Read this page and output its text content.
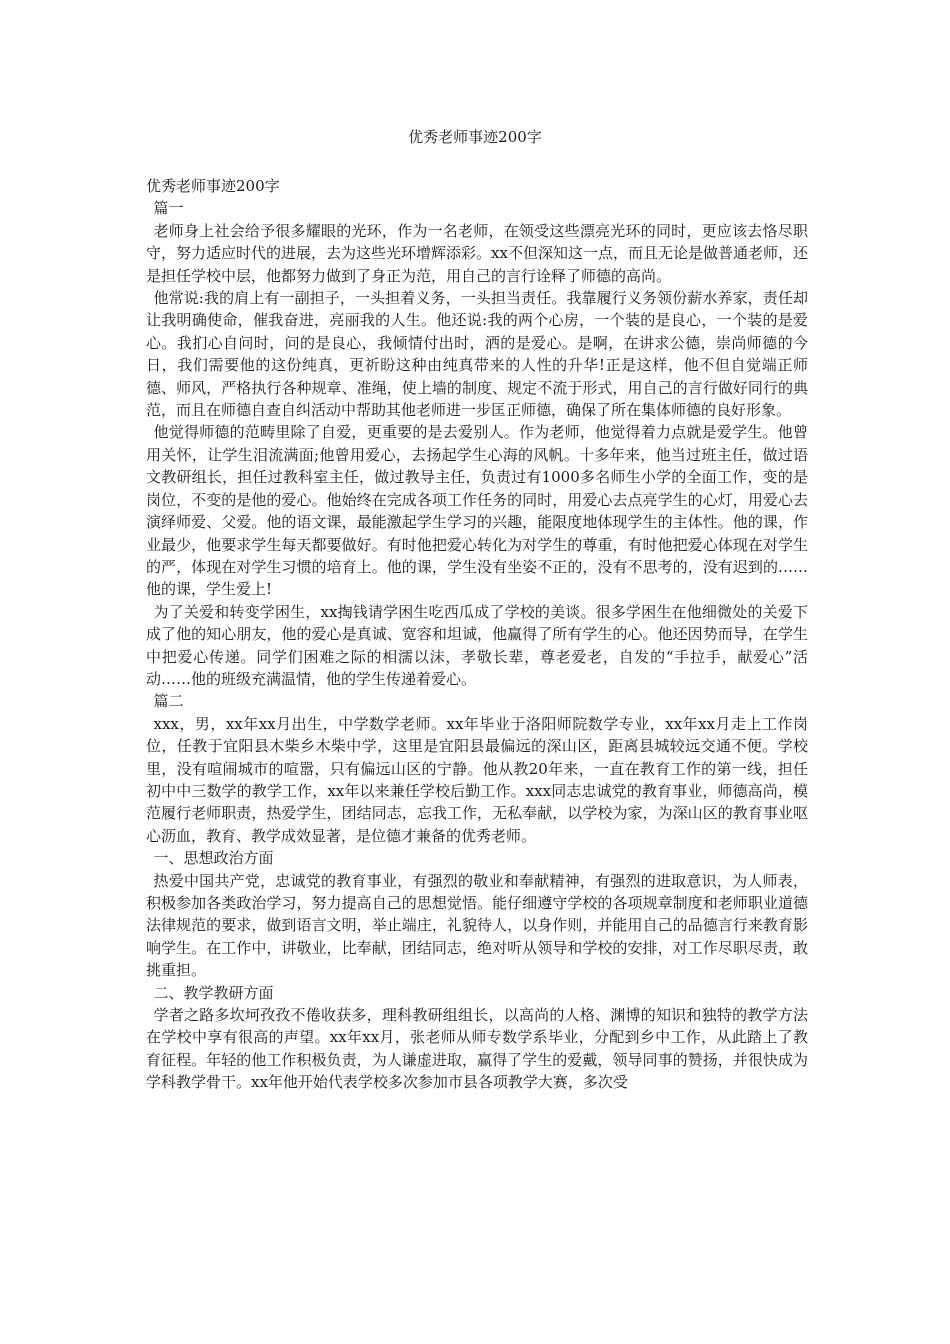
优秀老师事迹200字

优秀老师事迹200字

篇一

老师身上社会给予很多耀眼的光环，作为一名老师，在领受这些漂亮光环的同时，更应该去恪尽职守，努力适应时代的进展，去为这些光环增辉添彩。xx不但深知这一点，而且无论是做普通老师，还是担任学校中层，他都努力做到了身正为范，用自己的言行诠释了师德的高尚。

他常说:我的肩上有一副担子，一头担着义务，一头担当责任。我靠履行义务领份薪水养家，责任却让我明确使命，催我奋进，亮丽我的人生。他还说:我的两个心房，一个装的是良心，一个装的是爱心。我扪心自问时，问的是良心，我倾情付出时，洒的是爱心。是啊，在讲求公德，崇尚师德的今日，我们需要他的这份纯真，更祈盼这种由纯真带来的人性的升华!正是这样，他不但自觉端正师德、师风，严格执行各种规章、准绳，使上墙的制度、规定不流于形式，用自己的言行做好同行的典范，而且在师德自查自纠活动中帮助其他老师进一步匡正师德，确保了所在集体师德的良好形象。

他觉得师德的范畴里除了自爱，更重要的是去爱别人。作为老师，他觉得着力点就是爱学生。他曾用关怀，让学生泪流满面;他曾用爱心，去扬起学生心海的风帆。十多年来，他当过班主任，做过语文教研组长，担任过教科室主任，做过教导主任，负责过有1000多名师生小学的全面工作，变的是岗位，不变的是他的爱心。他始终在完成各项工作任务的同时，用爱心去点亮学生的心灯，用爱心去演绎师爱、父爱。他的语文课，最能激起学生学习的兴趣，能限度地体现学生的主体性。他的课，作业最少，他要求学生每天都要做好。有时他把爱心转化为对学生的尊重，有时他把爱心体现在对学生的严，体现在对学生习惯的培育上。他的课，学生没有坐姿不正的，没有不思考的，没有迟到的……他的课，学生爱上!

为了关爱和转变学困生，xx掏钱请学困生吃西瓜成了学校的美谈。很多学困生在他细微处的关爱下成了他的知心朋友，他的爱心是真诚、宽容和坦诚，他赢得了所有学生的心。他还因势而导，在学生中把爱心传递。同学们困难之际的相濡以沫，孝敬长辈，尊老爱老，自发的“手拉手，献爱心”活动……他的班级充满温情，他的学生传递着爱心。

篇二

xxx，男，xx年xx月出生，中学数学老师。xx年毕业于洛阳师院数学专业，xx年xx月走上工作岗位，任教于宜阳县木柴乡木柴中学，这里是宜阳县最偏远的深山区，距离县城较远交通不便。学校里，没有喧闹城市的喧嚣，只有偏远山区的宁静。他从教20年来，一直在教育工作的第一线，担任初中中三数学的教学工作，xx年以来兼任学校后勤工作。xxx同志忠诚党的教育事业，师德高尚，模范履行老师职责，热爱学生，团结同志，忘我工作，无私奉献，以学校为家，为深山区的教育事业呕心沥血，教育、教学成效显著，是位德才兼备的优秀老师。

一、思想政治方面

热爱中国共产党，忠诚党的教育事业，有强烈的敬业和奉献精神，有强烈的进取意识，为人师表，积极参加各类政治学习，努力提高自己的思想觉悟。能仔细遵守学校的各项规章制度和老师职业道德法律规范的要求，做到语言文明，举止端庄，礼貌待人，以身作则，并能用自己的品德言行来教育影响学生。在工作中，讲敬业，比奉献，团结同志，绝对听从领导和学校的安排，对工作尽职尽责，敢挑重担。

二、教学教研方面

学者之路多坎坷孜孜不倦收获多，理科教研组组长，以高尚的人格、渊博的知识和独特的教学方法在学校中享有很高的声望。xx年xx月，张老师从师专数学系毕业，分配到乡中工作，从此踏上了教育征程。年轻的他工作积极负责，为人谦虚进取，赢得了学生的爱戴，领导同事的赞扬，并很快成为学科教学骨干。xx年他开始代表学校多次参加市县各项教学大赛，多次受
